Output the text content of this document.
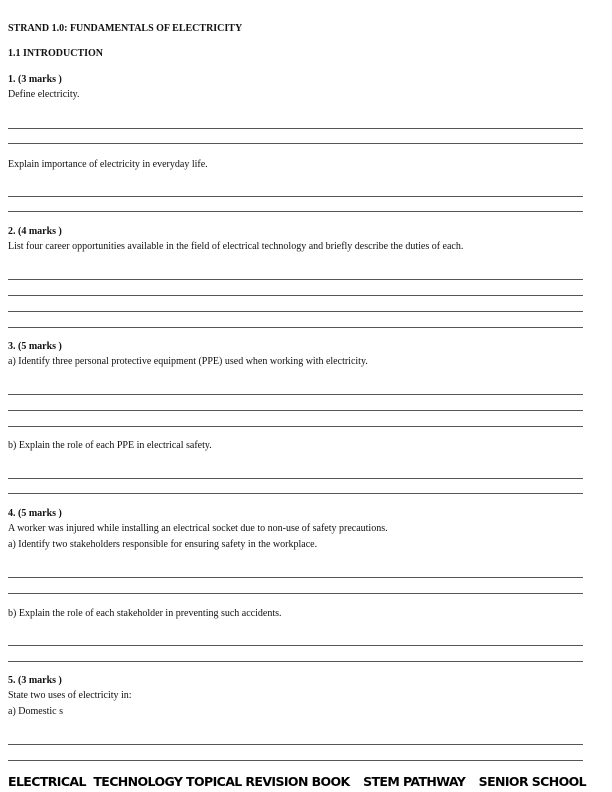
STRAND 1.0: FUNDAMENTALS OF ELECTRICITY
1.1 INTRODUCTION
1. (3 marks )
Define electricity.
Explain importance of electricity in everyday life.
2. (4 marks )
List four career opportunities available in the field of electrical technology and briefly describe the duties of each.
3. (5 marks )
a) Identify three personal protective equipment (PPE) used when working with electricity.
b) Explain the role of each PPE in electrical safety.
4. (5 marks )
A worker was injured while installing an electrical socket due to non-use of safety precautions.
a) Identify two stakeholders responsible for ensuring safety in the workplace.
b) Explain the role of each stakeholder in preventing such accidents.
5. (3 marks )
State two uses of electricity in:
a) Domestic s
ELECTRICAL  TECHNOLOGY TOPICAL REVISION BOOK STEM PATHWAY SENIOR SCHOOL
